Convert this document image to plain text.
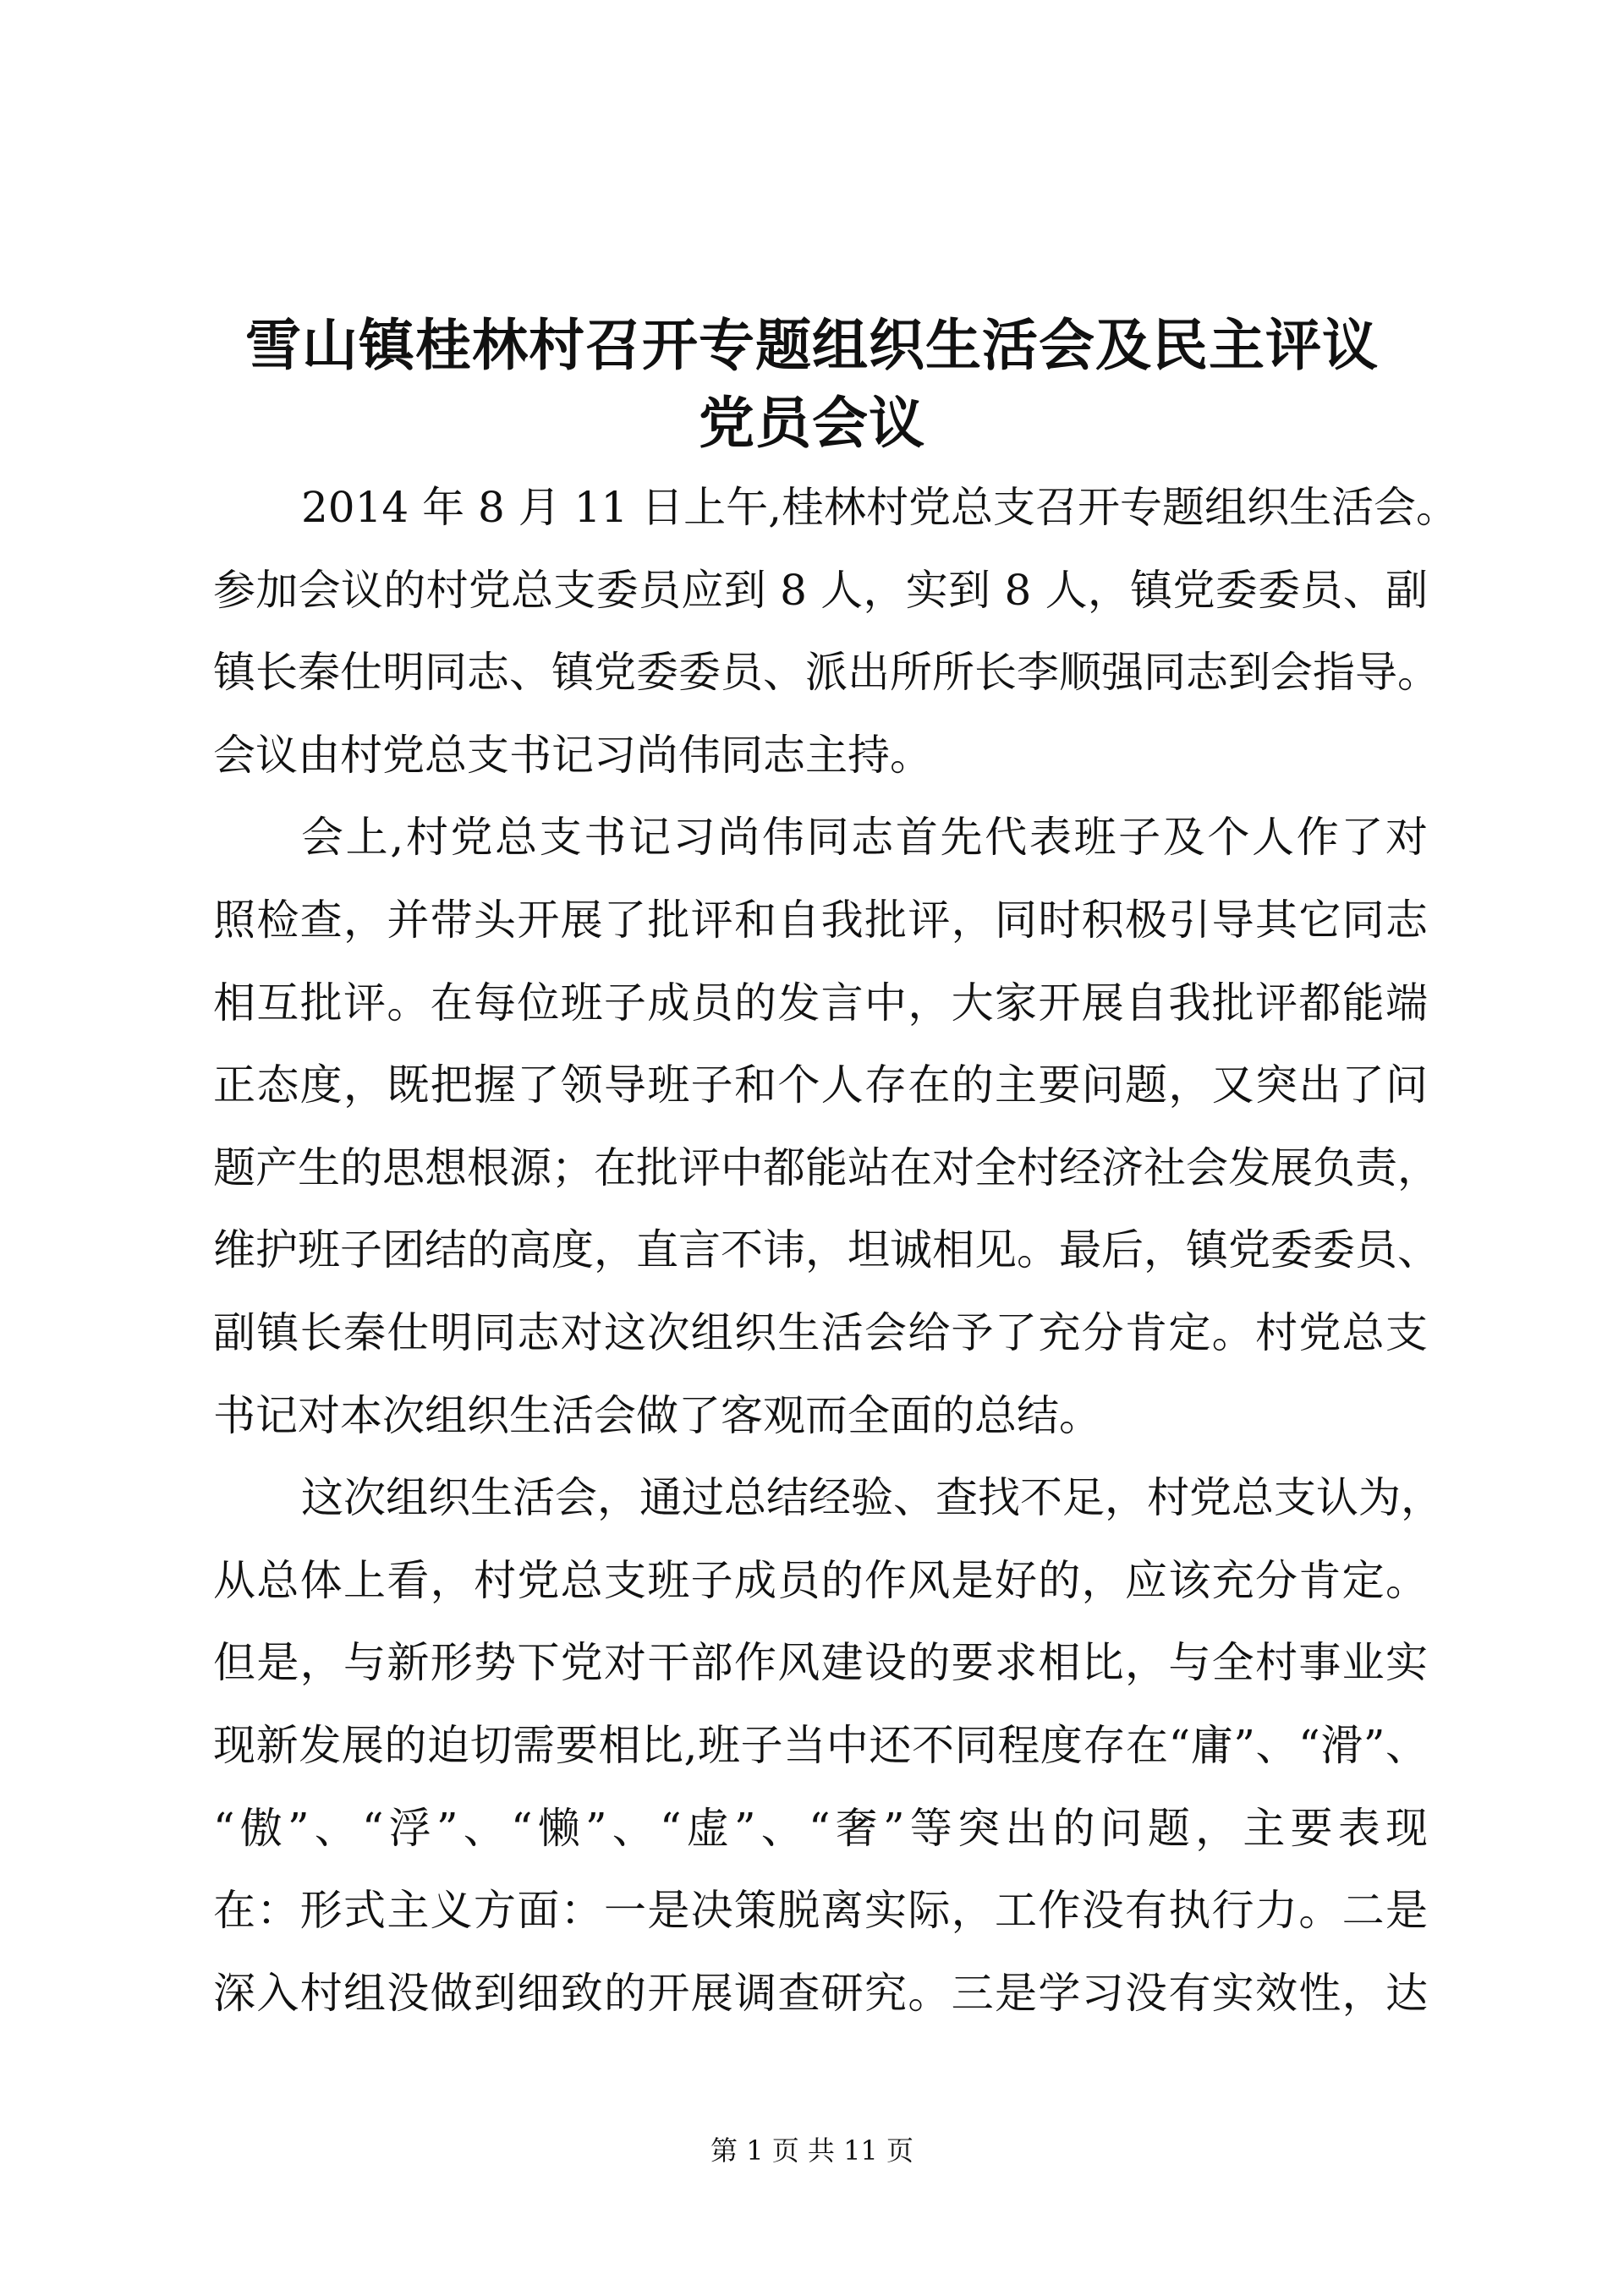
雪山镇桂林村召开专题组织生活会及民主评议
党员会议
2014 年 8 月 11 日上午,桂林村党总支召开专题组织生活会。
参加会议的村党总支委员应到 8 人，实到 8 人，镇党委委员、副
镇长秦仕明同志、镇党委委员、派出所所长李顺强同志到会指导。
会议由村党总支书记习尚伟同志主持。
会上,村党总支书记习尚伟同志首先代表班子及个人作了对
照检查，并带头开展了批评和自我批评，同时积极引导其它同志
相互批评。在每位班子成员的发言中，大家开展自我批评都能端
正态度，既把握了领导班子和个人存在的主要问题，又突出了问
题产生的思想根源；在批评中都能站在对全村经济社会发展负责，
维护班子团结的高度，直言不讳，坦诚相见。最后，镇党委委员、
副镇长秦仕明同志对这次组织生活会给予了充分肯定。村党总支
书记对本次组织生活会做了客观而全面的总结。
这次组织生活会，通过总结经验、查找不足，村党总支认为，
从总体上看，村党总支班子成员的作风是好的，应该充分肯定。
但是，与新形势下党对干部作风建设的要求相比，与全村事业实
现新发展的迫切需要相比,班子当中还不同程度存在“庸”、“滑”、
“傲”、“浮”、“懒”、“虚”、“奢”等突出的问题，主要表现
在：形式主义方面：一是决策脱离实际，工作没有执行力。二是
深入村组没做到细致的开展调查研究。三是学习没有实效性，达
第 1 页 共 11 页
